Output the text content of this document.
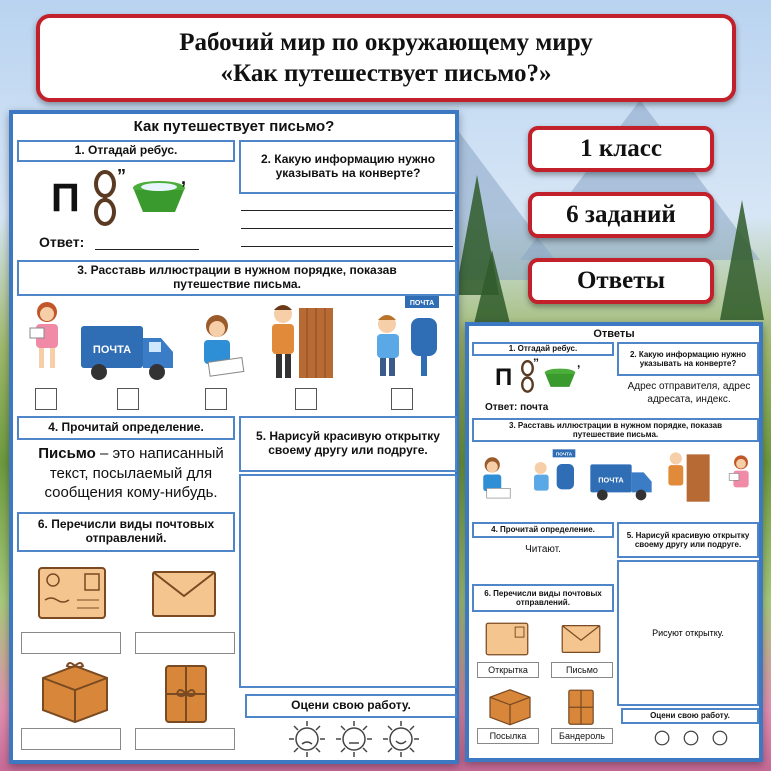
Рабочий мир по окружающему миру
«Как путешествует письмо?»
1 класс
6 заданий
Ответы
Как путешествует письмо?
1. Отгадай ребус.
П ”	,
Ответ:
2. Какую информацию нужно указывать на конверте?
3. Расставь иллюстрации в нужном порядке, показав путешествие письма.
ПОЧТА
ПОЧТА
4. Прочитай определение.
Письмо – это написанный текст, посылаемый для сообщения кому-нибудь.
5. Нарисуй красивую открытку своему другу или подруге.
6. Перечисли виды почтовых отправлений.
Оцени свою работу.
Ответы
1. Отгадай ребус.
П
”	,
Ответ: почта
2. Какую информацию нужно указывать на конверте?
Адрес отправителя, адрес адресата, индекс.
3. Расставь иллюстрации в нужном порядке, показав путешествие письма.
ПОЧТА
ПОЧТА
4. Прочитай определение.
Читают.
5. Нарисуй красивую открытку своему другу или подруге.
Рисуют открытку.
6. Перечисли виды почтовых отправлений.
Открытка	Письмо
Посылка	Бандероль
Оцени свою работу.
